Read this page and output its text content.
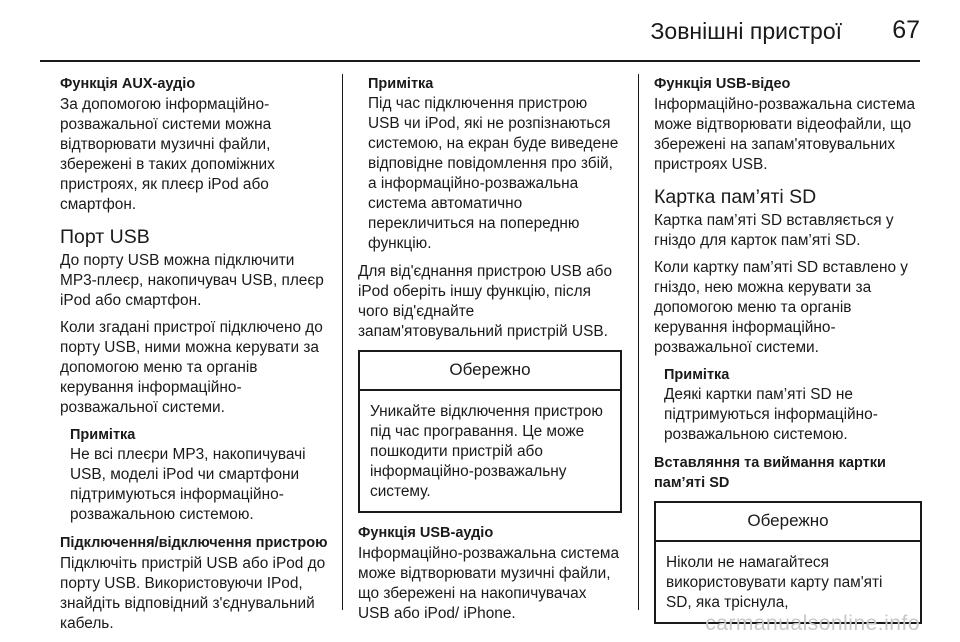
Зовнішні пристрої 67
Функція AUX-аудіо

За допомогою інформаційно-розважальної системи можна відтворювати музичні файли, збережені в таких допоміжних пристроях, як плеєр iPod або смартфон.

Порт USB

До порту USB можна підключити MP3-плеєр, накопичувач USB, плеєр iPod або смартфон.

Коли згадані пристрої підключено до порту USB, ними можна керувати за допомогою меню та органів керування інформаційно-розважальної системи.

Примітка
Не всі плеєри MP3, накопичувачі USB, моделі iPod чи смартфони підтримуються інформаційно-розважальною системою.
Підключення/відключення пристрою

Підключіть пристрій USB або iPod до порту USB. Використовуючи IPod, знайдіть відповідний з'єднувальний кабель.

Примітка
Під час підключення пристрою USB чи iPod, які не розпізнаються системою, на екран буде виведене відповідне повідомлення про збій, а інформаційно-розважальна система автоматично перекличиться на попередню функцію.

Для від'єднання пристрою USB або iPod оберіть іншу функцію, після чого від'єднайте запам'ятовувальний пристрій USB.

Обережно
Уникайте відключення пристрою під час програвання. Це може пошкодити пристрій або інформаційно-розважальну систему.
Функція USB-аудіо

Інформаційно-розважальна система може відтворювати музичні файли, що збережені на накопичувачах USB або iPod/ iPhone.

Функція USB-відео

Інформаційно-розважальна система може відтворювати відеофайли, що збережені на запам'ятовувальних пристроях USB.

Картка пам’яті SD

Картка пам’яті SD вставляється у гніздо для карток пам’яті SD.

Коли картку пам’яті SD вставлено у гніздо, нею можна керувати за допомогою меню та органів керування інформаційно-розважальної системи.

Примітка
Деякі картки пам’яті SD не підтримуються інформаційно-розважальною системою.
Вставляння та виймання картки пам’яті SD
Обережно
Ніколи не намагайтеся використовувати карту пам'яті SD, яка тріснула,
carmanualsonline.info
